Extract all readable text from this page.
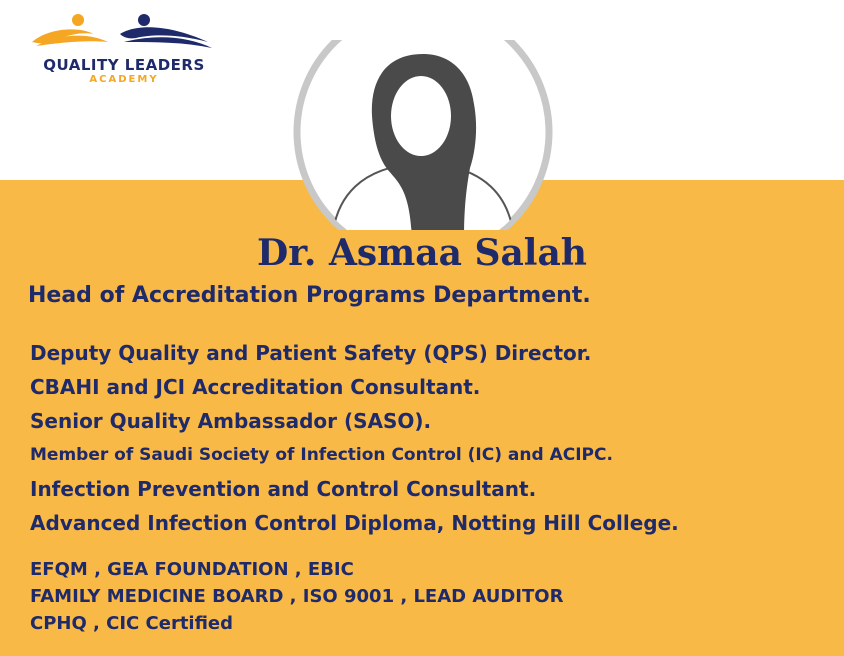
QUALITY LEADERS
ACADEMY
Dr. Asmaa Salah
Head of Accreditation Programs Department.
Deputy Quality and Patient Safety (QPS) Director.
CBAHI and JCI Accreditation Consultant.
Senior Quality Ambassador (SASO).
Member of Saudi Society of Infection Control (IC) and ACIPC.
Infection Prevention and Control Consultant.
Advanced Infection Control Diploma, Notting Hill College.
EFQM , GEA FOUNDATION , EBIC
FAMILY MEDICINE BOARD , ISO 9001 , LEAD AUDITOR
CPHQ , CIC Certified
